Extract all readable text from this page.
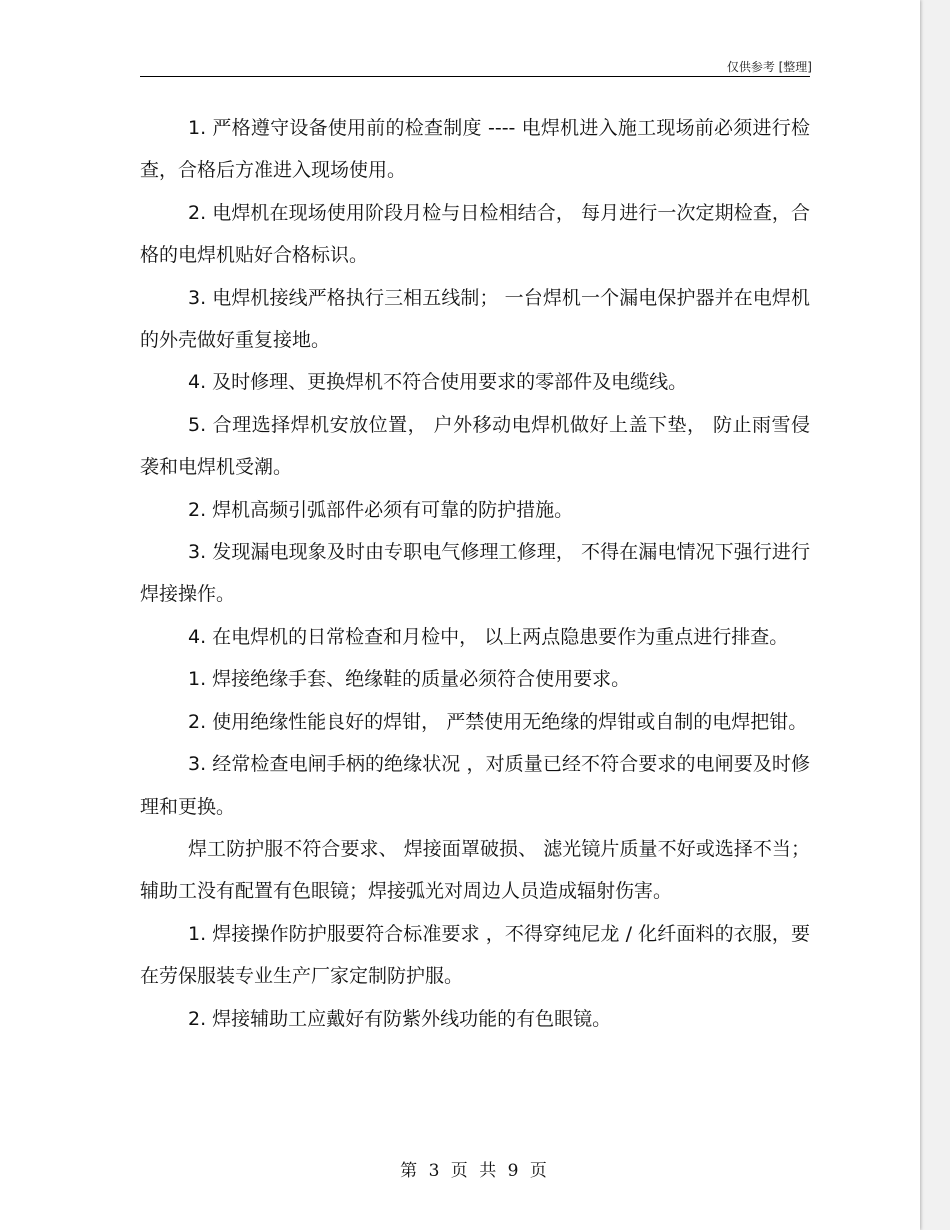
仅供参考 [整理]

1. 严格遵守设备使用前的检查制度 ---- 电焊机进入施工现场前必须进行检查，合格后方准进入现场使用。

2. 电焊机在现场使用阶段月检与日检相结合， 每月进行一次定期检查，合格的电焊机贴好合格标识。

3. 电焊机接线严格执行三相五线制； 一台焊机一个漏电保护器并在电焊机的外壳做好重复接地。

4. 及时修理、更换焊机不符合使用要求的零部件及电缆线。

5. 合理选择焊机安放位置， 户外移动电焊机做好上盖下垫， 防止雨雪侵袭和电焊机受潮。

2. 焊机高频引弧部件必须有可靠的防护措施。

3. 发现漏电现象及时由专职电气修理工修理， 不得在漏电情况下强行进行焊接操作。

4. 在电焊机的日常检查和月检中， 以上两点隐患要作为重点进行排查。

1. 焊接绝缘手套、绝缘鞋的质量必须符合使用要求。

2. 使用绝缘性能良好的焊钳， 严禁使用无绝缘的焊钳或自制的电焊把钳。

3. 经常检查电闸手柄的绝缘状况 ，对质量已经不符合要求的电闸要及时修理和更换。

焊工防护服不符合要求、 焊接面罩破损、 滤光镜片质量不好或选择不当；辅助工没有配置有色眼镜；焊接弧光对周边人员造成辐射伤害。

1. 焊接操作防护服要符合标准要求 ，不得穿纯尼龙 / 化纤面料的衣服，要在劳保服装专业生产厂家定制防护服。

2. 焊接辅助工应戴好有防紫外线功能的有色眼镜。

第 3 页 共 9 页
